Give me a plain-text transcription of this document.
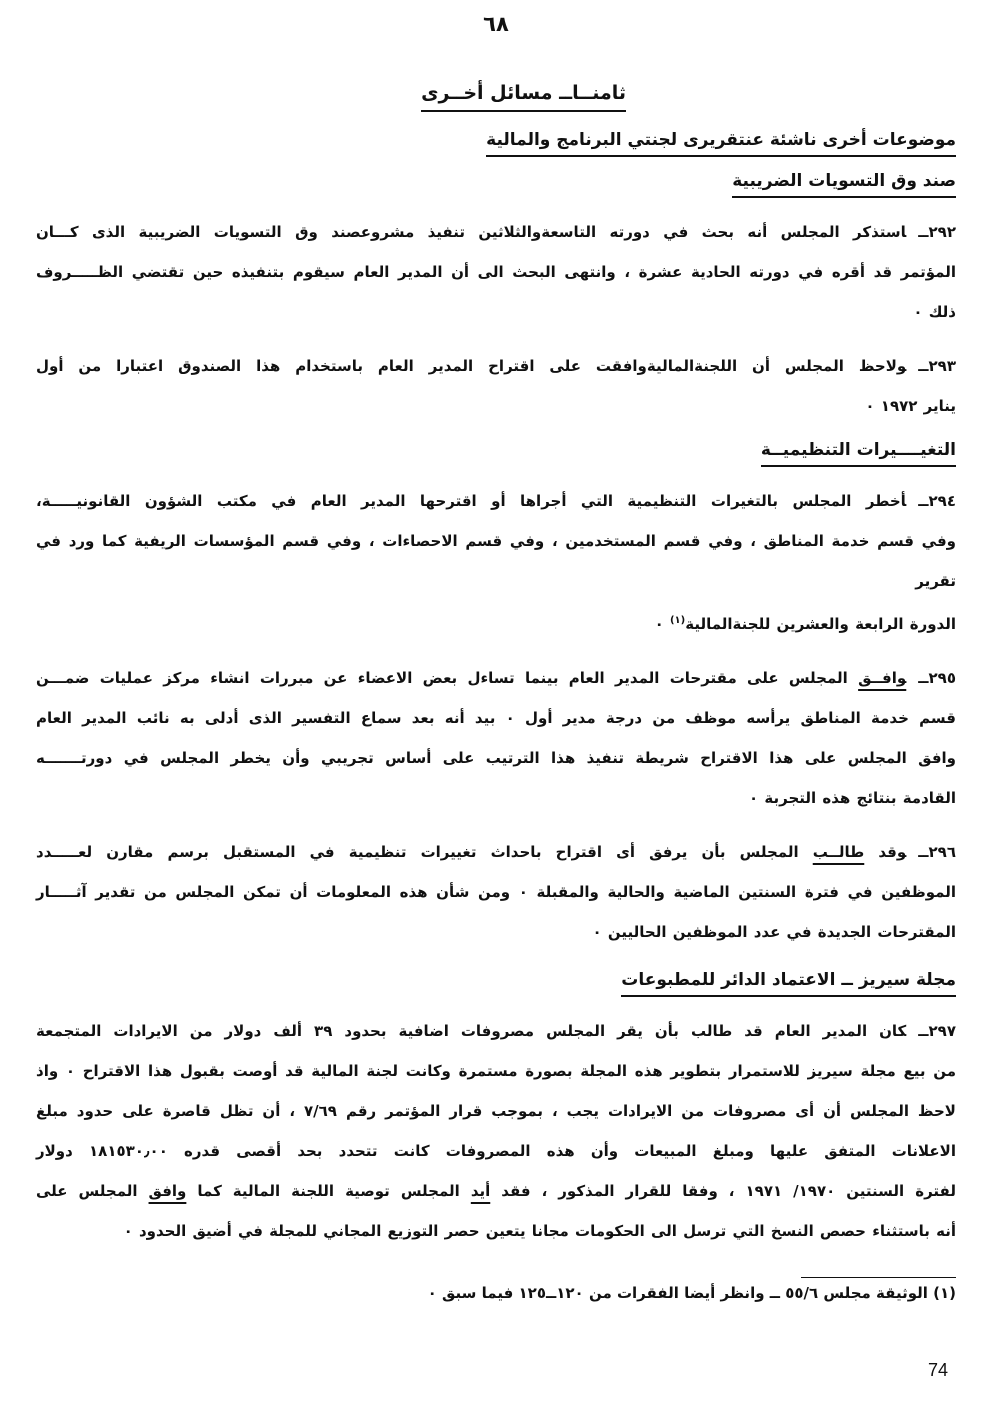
٦٨
ثامنــاــ مسائل أخــرى
موضوعات أخرى ناشئة عنتقريرى لجنتي البرنامج والمالية
صند وق التسويات الضريبية
٢٩٢ــاستذكر المجلس أنه بحث في دورته التاسعةوالثلاثين تنفيذ مشروعصند وق التسويات الضريبية الذى كـــان
المؤتمر قد أقره في دورته الحادية عشرة ، وانتهى البحث الى أن المدير العام سيقوم بتنفيذه حين تقتضي الظـــــروف
ذلك ٠
٢٩٣ــولاحظ المجلس أن اللجنةالماليةوافقت على اقتراح المدير العام باستخدام هذا الصندوق اعتبارا من أول
يناير ١٩٧٢ ٠
التغيــــيرات التنظيميــة
٢٩٤ــأخطر المجلس بالتغيرات التنظيمية التي أجراها أو اقترحها المدير العام في مكتب الشؤون القانونيـــــة،
وفي قسم خدمة المناطق ، وفي قسم المستخدمين ، وفي قسم الاحصاءات ، وفي قسم المؤسسات الريفية كما ورد في تقرير
الدورة الرابعة والعشرين للجنةالمالية$^{(١)}$ ٠
٢٩٥ــوافــق المجلس على مقترحات المدير العام بينما تساءل بعض الاعضاء عن مبررات انشاء مركز عمليات ضمـــن
قسم خدمة المناطق يرأسه موظف من درجة مدير أول ٠ بيد أنه بعد سماع التفسير الذى أدلى به نائب المدير العام
وافق المجلس على هذا الاقتراح شريطة تنفيذ هذا الترتيب على أساس تجريبي وأن يخطر المجلس في دورتـــــــه
القادمة بنتائج هذه التجربة ٠
٢٩٦ــوقد طالــب المجلس بأن يرفق أى اقتراح باحداث تغييرات تنظيمية في المستقبل برسم مقارن لعـــــدد
الموظفين في فترة السنتين الماضية والحالية والمقبلة ٠ ومن شأن هذه المعلومات أن تمكن المجلس من تقدير آثـــــار
المقترحات الجديدة في عدد الموظفين الحاليين ٠
مجلة سيريز ــ الاعتماد الدائر للمطبوعات
٢٩٧ــكان المدير العام قد طالب بأن يقر المجلس مصروفات اضافية بحدود ٣٩ ألف دولار من الايرادات المتجمعة
من بيع مجلة سيريز للاستمرار بتطوير هذه المجلة بصورة مستمرة وكانت لجنة المالية قد أوصت بقبول هذا الاقتراح ٠ واذ
لاحظ المجلس أن أى مصروفات من الايرادات يجب ، بموجب قرار المؤتمر رقم ٧/٦٩ ، أن تظل قاصرة على حدود مبلغ
الاعلانات المتفق عليها ومبلغ المبيعات وأن هذه المصروفات كانت تتحدد بحد أقصى قدره ١٨١٥٣٠٫٠٠ دولار
لفترة السنتين ١٩٧٠/ ١٩٧١ ، وفقا للقرار المذكور ، فقد أيد المجلس توصية اللجنة المالية كما وافق المجلس على
أنه باستثناء حصص النسخ التي ترسل الى الحكومات مجانا يتعين حصر التوزيع المجاني للمجلة في أضيق الحدود ٠
(١) الوثيقة مجلس ٥٥/٦ ــ وانظر أيضا الفقرات من ١٢٠ــ١٢٥ فيما سبق ٠
74
